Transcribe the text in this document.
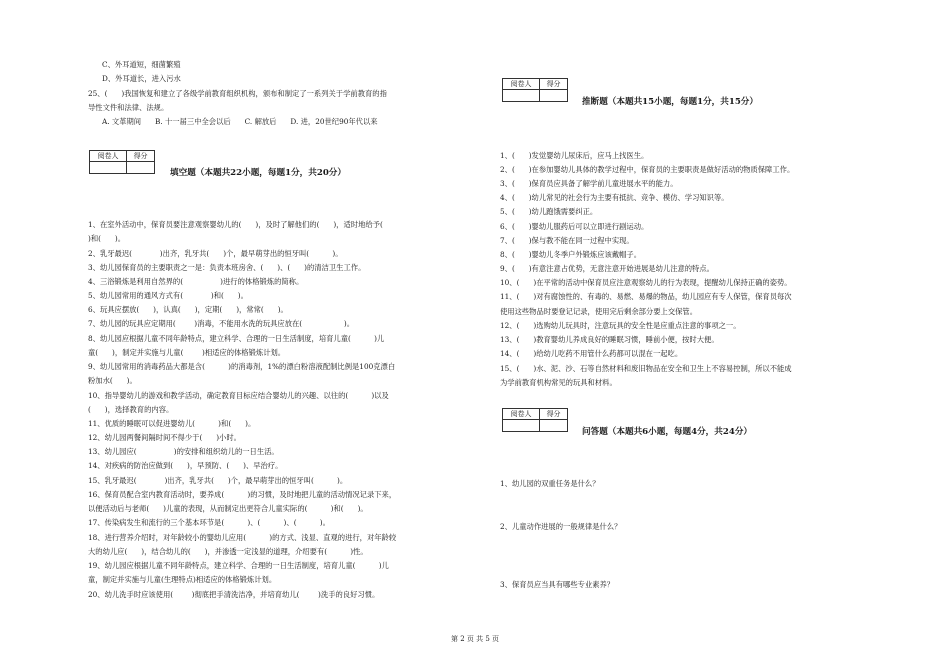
C、外耳道短，细菌繁殖
D、外耳道长，进入污水
25、(      )我国恢复和建立了各级学前教育组织机构，颁布和制定了一系列关于学前教育的指
导性文件和法律、法规。
A. 文革期间      B. 十一届三中全会以后      C. 解放后      D. 进，20世纪90年代以来
阅卷人	得分

填空题（本题共22小题，每题1分，共20分）
1、在室外活动中，保育员要注意观察婴幼儿的(      )，及时了解他们的(      )，适时地给予(
)和(      )。
2、乳牙最迟(            )出齐，乳牙共(      )个，最早萌芽出的恒牙叫(          )。
3、幼儿园保育员的主要职责之一是：负责本班房舍、(      )、(      )的清洁卫生工作。
4、三浴锻炼是利用自然界的(                )进行的体格锻炼的简称。
5、幼儿园常用的通风方式有(            )和(      )。
6、玩具应摆放(      )，认真(      )，定期(      )，常常(      )。
7、幼儿园的玩具应定期用(        )消毒，不能用水洗的玩具应放在(                  )。
8、幼儿园应根据儿童不同年龄特点，建立科学、合理的一日生活制度，培育儿童(          )儿
童(      )，制定并实施与儿童(        )相适应的体格锻炼计划。
9、幼儿园常用的消毒药品大都是含(          )的消毒剂，1%的漂白粉溶液配制比例是100克漂白
粉加水(      )。
10、指导婴幼儿的游戏和教学活动，确定教育目标应结合婴幼儿的兴趣、以往的(          )以及
(      )，选择教育的内容。
11、优质的睡眠可以促进婴幼儿(          )和(      )。
12、幼儿园两餐间隔时间不得少于(      )小时。
13、幼儿园应(                )的安排和组织幼儿的一日生活。
14、对疾病的防治应做到(      )，早预防、(      )、早治疗。
15、乳牙最迟(            )出齐，乳牙共(      )个，最早萌芽出的恒牙叫(          )。
16、保育员配合室内教育活动时，要养成(          )的习惯，及时地把儿童的活动情况记录下来，
以便活动后与老师(      )儿童的表现，从而制定出更符合儿童实际的(          )和(      )。
17、传染病发生和流行的三个基本环节是(          )、(          )、(          )。
18、进行营养介绍时，对年龄较小的婴幼儿应用(          )的方式、浅显、直观的进行，对年龄较
大的幼儿应(      )，结合幼儿的(      )，并渗透一定浅显的道理，介绍要有(          )性。
19、幼儿园应根据儿童不同年龄特点，建立科学、合理的一日生活制度，培育儿童(          )儿
童，制定并实施与儿童(生理特点)相适应的体格锻炼计划。
20、幼儿洗手时应该使用(        )彻底把手清洗洁净，并培育幼儿(        )洗手的良好习惯。
阅卷人	得分

推断题（本题共15小题，每题1分，共15分）
1、(      )发觉婴幼儿尿床后，应马上找医生。
2、(      )在参加婴幼儿具体的教学过程中，保育员的主要职责是做好活动的物质保障工作。
3、(      )保育员应具备了解学前儿童进展水平的能力。
4、(      )幼儿常见的社会行为主要有抵抗、竞争、模仿、学习知识等。
5、(      )幼儿跑饿需要纠正。
6、(      )婴幼儿服药后可以立即进行剧运动。
7、(      )保与教不能在同一过程中实现。
8、(      )婴幼儿冬季户外锻炼应该戴帽子。
9、(      )有意注意占优势，无意注意开始进展是幼儿注意的特点。
10、(      )在平常的活动中保育员应注意观察幼儿的行为表现，提醒幼儿保持正确的姿势。
11、(      )对有腐蚀性的、有毒的、易燃、易爆的物品，幼儿园应有专人保管，保育员每次
使用这些物品时要登记记录，使用完后剩余部分要上交保管。
12、(      )选购幼儿玩具时，注意玩具的安全性是应重点注意的事项之一。
13、(      )教育婴幼儿养成良好的睡眠习惯，睡前小便，按时大便。
14、(      )给幼儿吃药不用管什么药都可以混在一起吃。
15、(      )水、泥、沙、石等自然材料和废旧物品在安全和卫生上不容易控制，所以不能成
为学前教育机构常见的玩具和材料。
阅卷人	得分

问答题（本题共6小题，每题4分，共24分）
1、幼儿园的双重任务是什么？
2、儿童动作进展的一般规律是什么？
3、保育员应当具有哪些专业素养？
第 2 页 共 5 页
